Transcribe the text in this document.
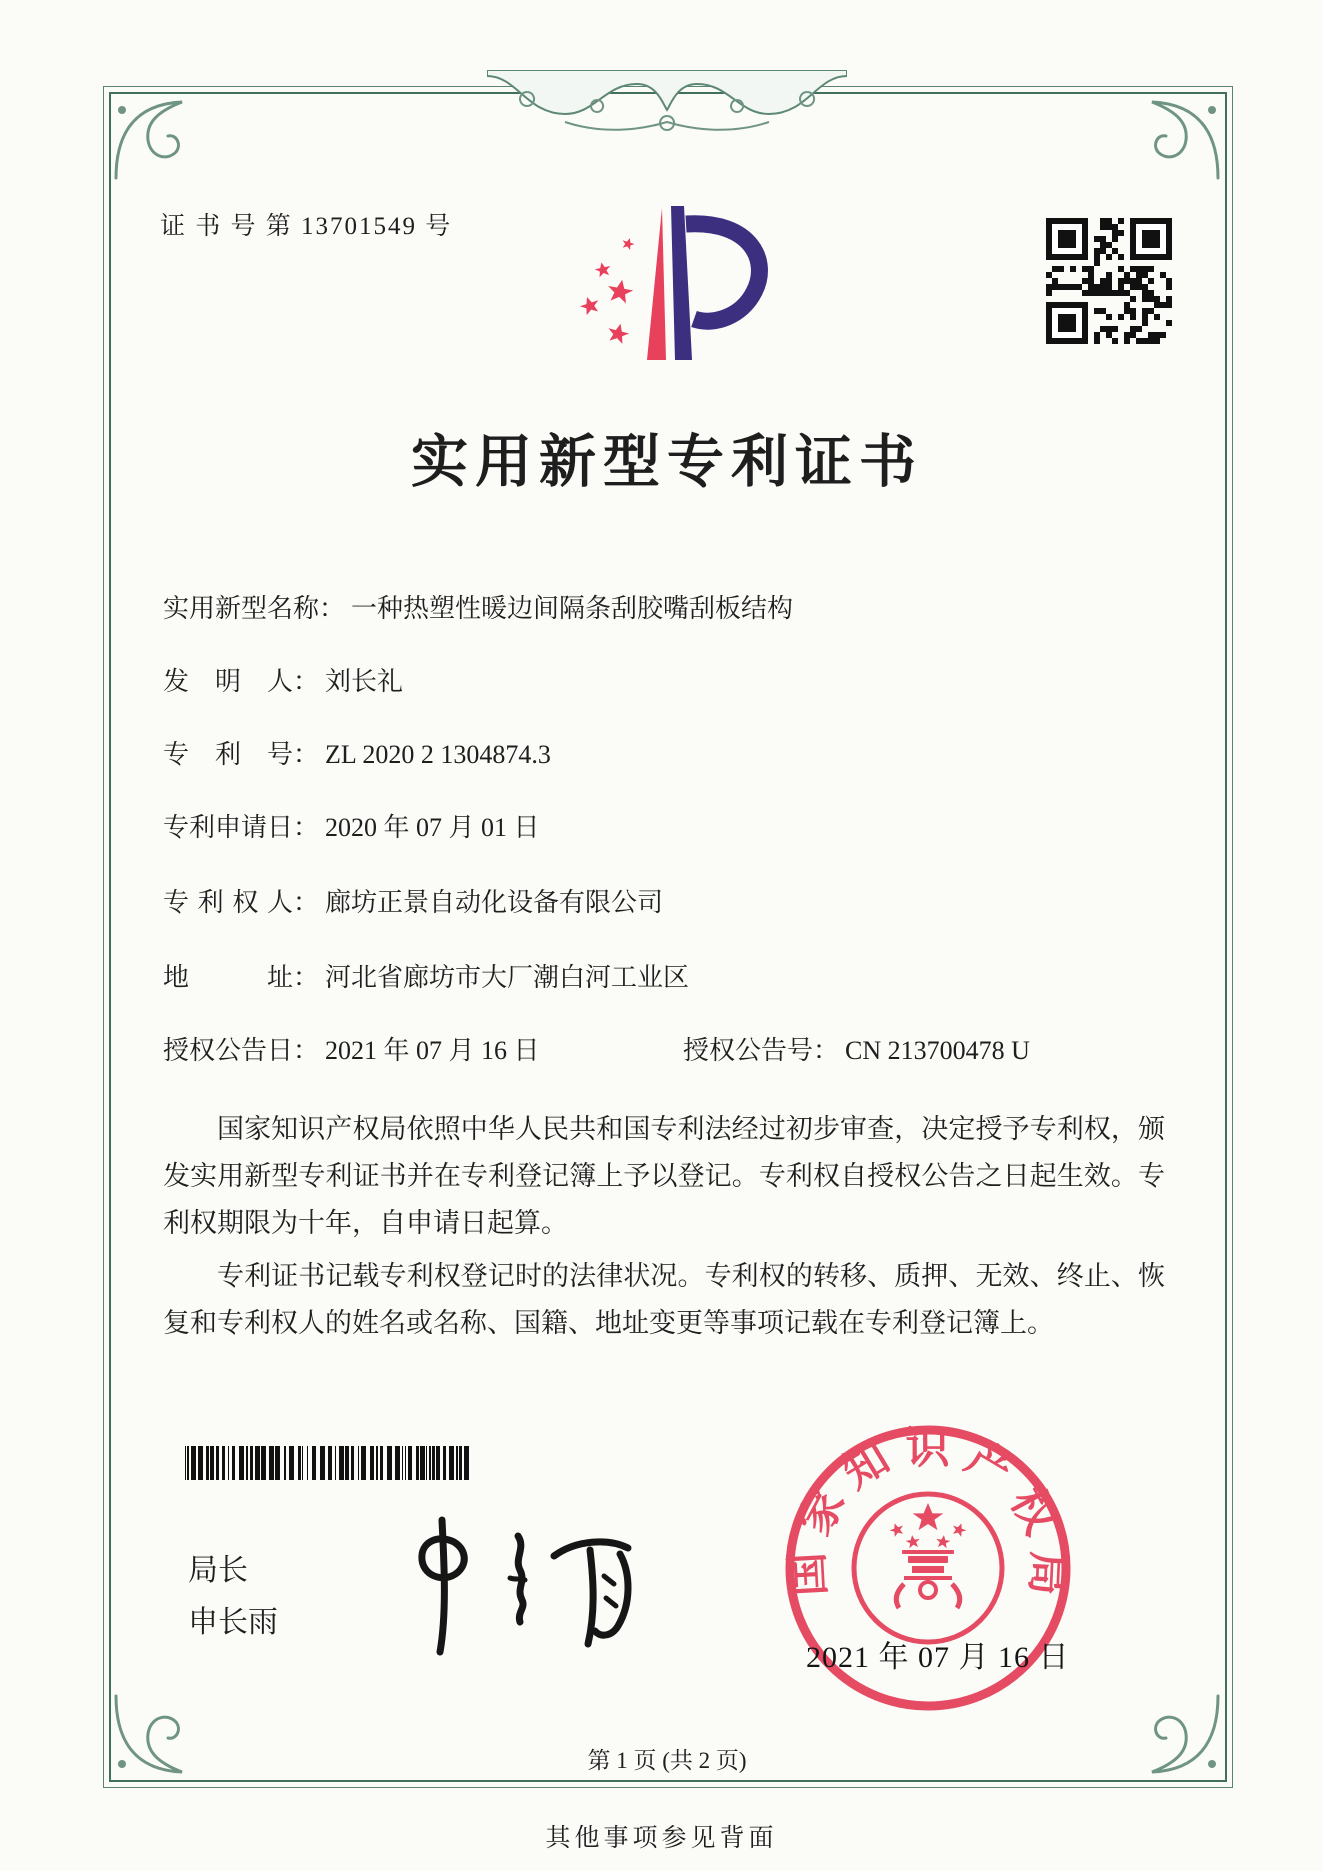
证 书 号 第 13701549 号
实用新型专利证书
实用新型名称： 一种热塑性暖边间隔条刮胶嘴刮板结构
发明人： 刘长礼
专利号： ZL 2020 2 1304874.3
专利申请日： 2020 年 07 月 01 日
专利权人： 廊坊正景自动化设备有限公司
地址： 河北省廊坊市大厂潮白河工业区
授权公告日： 2021 年 07 月 16 日	授权公告号： CN 213700478 U

国家知识产权局依照中华人民共和国专利法经过初步审查，决定授予专利权，颁发实用新型专利证书并在专利登记簿上予以登记。专利权自授权公告之日起生效。专利权期限为十年，自申请日起算。

专利证书记载专利权登记时的法律状况。专利权的转移、质押、无效、终止、恢复和专利权人的姓名或名称、国籍、地址变更等事项记载在专利登记簿上。

局长
申长雨
国家知识产权局
2021 年 07 月 16 日
第 1 页 (共 2 页)
其他事项参见背面
